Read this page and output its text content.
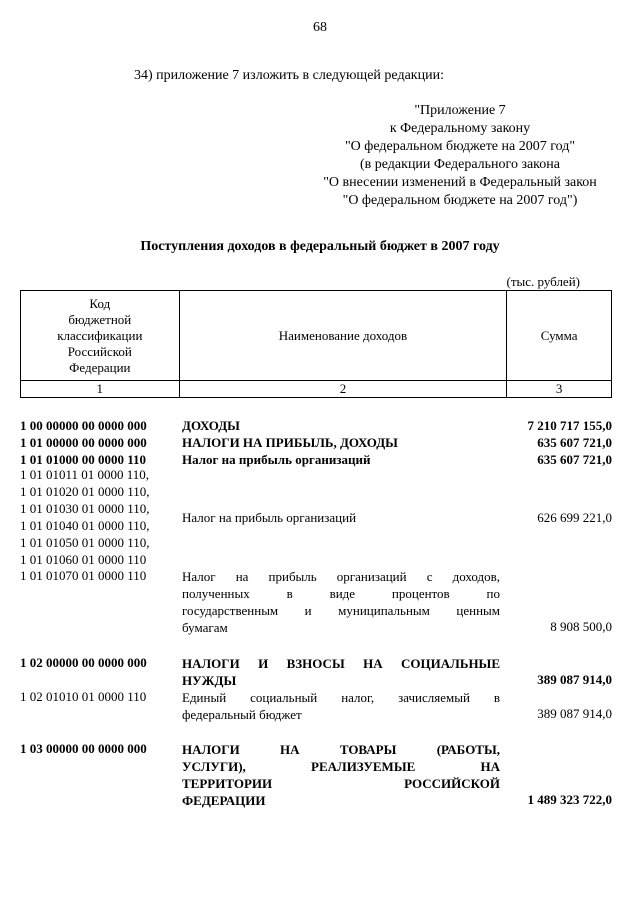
68
34) приложение 7 изложить в следующей редакции:
"Приложение 7
к Федеральному закону
"О федеральном бюджете на 2007 год"
(в редакции Федерального закона
"О внесении изменений в Федеральный закон
"О федеральном бюджете на 2007 год")
Поступления доходов в федеральный бюджет в 2007 году
(тыс. рублей)
Код
бюджетной
классификации
Российской
Федерации	Наименование доходов	Сумма
1	2	3
1 00 00000 00 0000 000	ДОХОДЫ	7 210 717 155,0
1 01 00000 00 0000 000	НАЛОГИ НА ПРИБЫЛЬ, ДОХОДЫ	635 607 721,0
1 01 01000 00 0000 110	Налог на прибыль организаций	635 607 721,0
1 01 01011 01 0000 110,
1 01 01020 01 0000 110,
1 01 01030 01 0000 110,
1 01 01040 01 0000 110,
1 01 01050 01 0000 110,
1 01 01060 01 0000 110
Налог на прибыль организаций	626 699 221,0
1 01 01070 01 0000 110	Налог на прибыль организаций с доходов,
полученных в виде процентов по
государственным и муниципальным ценным
бумагам	8 908 500,0
1 02 00000 00 0000 000	НАЛОГИ И ВЗНОСЫ НА СОЦИАЛЬНЫЕ
НУЖДЫ	389 087 914,0
1 02 01010 01 0000 110	Единый социальный налог, зачисляемый в
федеральный бюджет	389 087 914,0
1 03 00000 00 0000 000	НАЛОГИ НА ТОВАРЫ (РАБОТЫ,
УСЛУГИ), РЕАЛИЗУЕМЫЕ НА
ТЕРРИТОРИИ РОССИЙСКОЙ
ФЕДЕРАЦИИ	1 489 323 722,0
